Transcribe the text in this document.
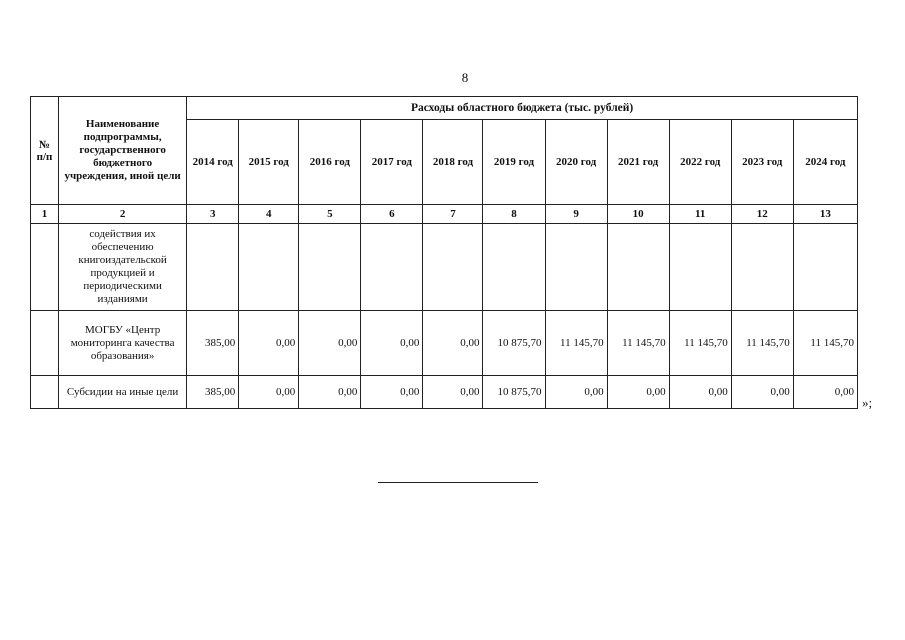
8
№ п/п	Наименование подпрограммы, государственного бюджетного учреждения, иной цели	Расходы областного бюджета (тыс. рублей)										
		2014 год	2015 год	2016 год	2017 год	2018 год	2019 год	2020 год	2021 год	2022 год	2023 год	2024 год
1	2	3	4	5	6	7	8	9	10	11	12	13
	содействия их обеспечению книгоиздательской продукцией и периодическими изданиями											
	МОГБУ «Центр мониторинга качества образования»	385,00	0,00	0,00	0,00	0,00	10 875,70	11 145,70	11 145,70	11 145,70	11 145,70	11 145,70
	Субсидии на иные цели	385,00	0,00	0,00	0,00	0,00	10 875,70	0,00	0,00	0,00	0,00	0,00
»;
